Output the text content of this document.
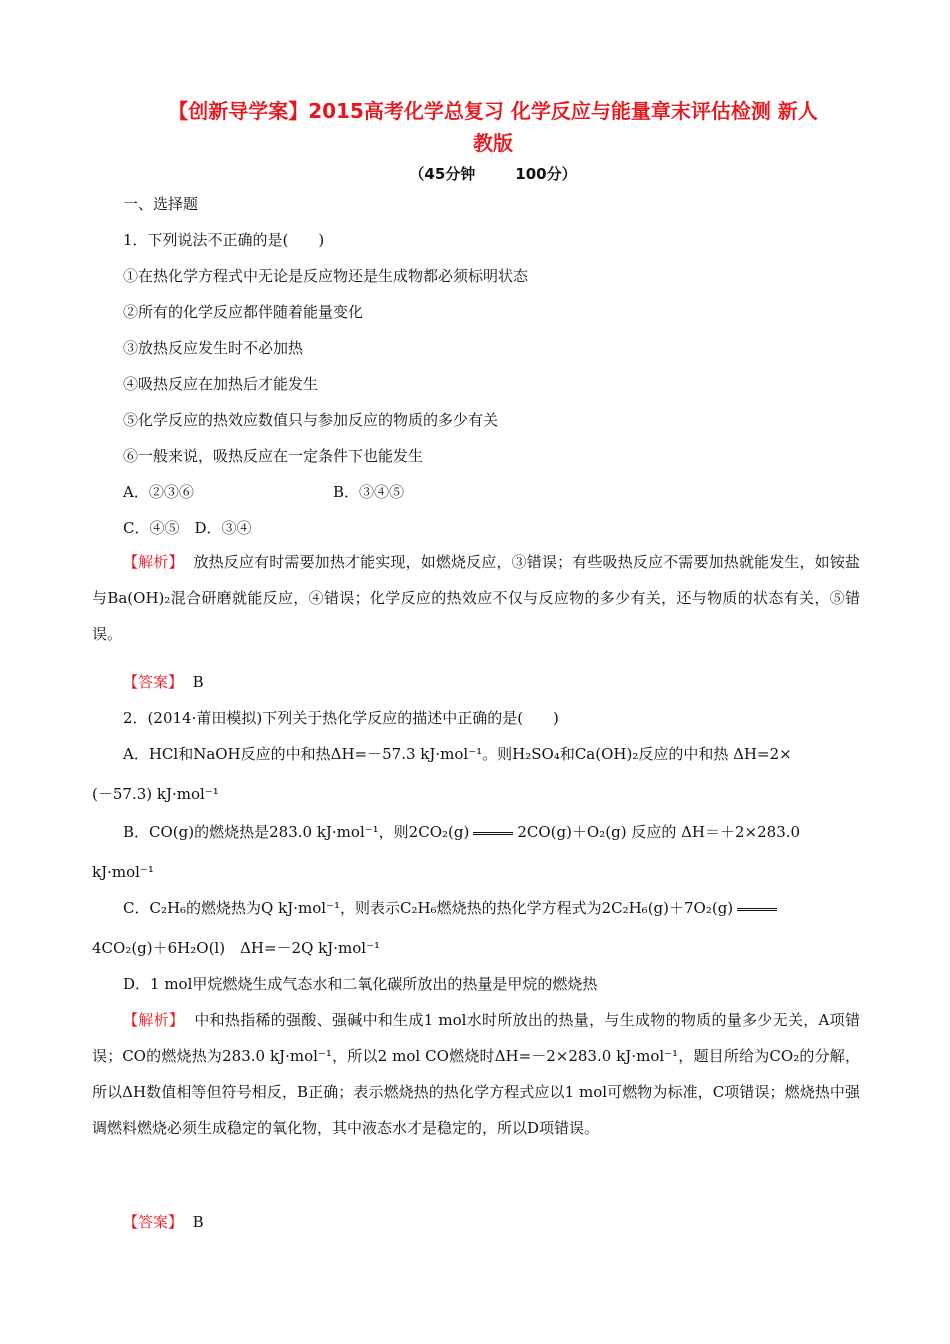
【创新导学案】2015高考化学总复习 化学反应与能量章末评估检测 新人
教版
（45分钟	100分）
一、选择题
1．下列说法不正确的是(　　)
①在热化学方程式中无论是反应物还是生成物都必须标明状态
②所有的化学反应都伴随着能量变化
③放热反应发生时不必加热
④吸热反应在加热后才能发生
⑤化学反应的热效应数值只与参加反应的物质的多少有关
⑥一般来说，吸热反应在一定条件下也能发生
A．②③⑥	B．③④⑤
C．④⑤　D．③④
【解析】 放热反应有时需要加热才能实现，如燃烧反应，③错误；有些吸热反应不需要加热就能发生，如铵盐与Ba(OH)₂混合研磨就能反应，④错误；化学反应的热效应不仅与反应物的多少有关，还与物质的状态有关，⑤错误。
【答案】 B
2．(2014·莆田模拟)下列关于热化学反应的描述中正确的是(　　)
A．HCl和NaOH反应的中和热ΔH=－57.3 kJ·mol⁻¹。则H₂SO₄和Ca(OH)₂反应的中和热 ΔH=2×
(－57.3) kJ·mol⁻¹
B．CO(g)的燃烧热是283.0 kJ·mol⁻¹，则2CO₂(g)	2CO(g)＋O₂(g) 反应的 ΔH＝＋2×283.0
kJ·mol⁻¹
C．C₂H₆的燃烧热为Q kJ·mol⁻¹，则表示C₂H₆燃烧热的热化学方程式为2C₂H₆(g)＋7O₂(g)
4CO₂(g)＋6H₂O(l)　ΔH=－2Q kJ·mol⁻¹
D．1 mol甲烷燃烧生成气态水和二氧化碳所放出的热量是甲烷的燃烧热
【解析】 中和热指稀的强酸、强碱中和生成1 mol水时所放出的热量，与生成物的物质的量多少无关，A项错误；CO的燃烧热为283.0 kJ·mol⁻¹，所以2 mol CO燃烧时ΔH=－2×283.0 kJ·mol⁻¹，题目所给为CO₂的分解，所以ΔH数值相等但符号相反，B正确；表示燃烧热的热化学方程式应以1 mol可燃物为标准，C项错误；燃烧热中强调燃料燃烧必须生成稳定的氧化物，其中液态水才是稳定的，所以D项错误。
【答案】 B
